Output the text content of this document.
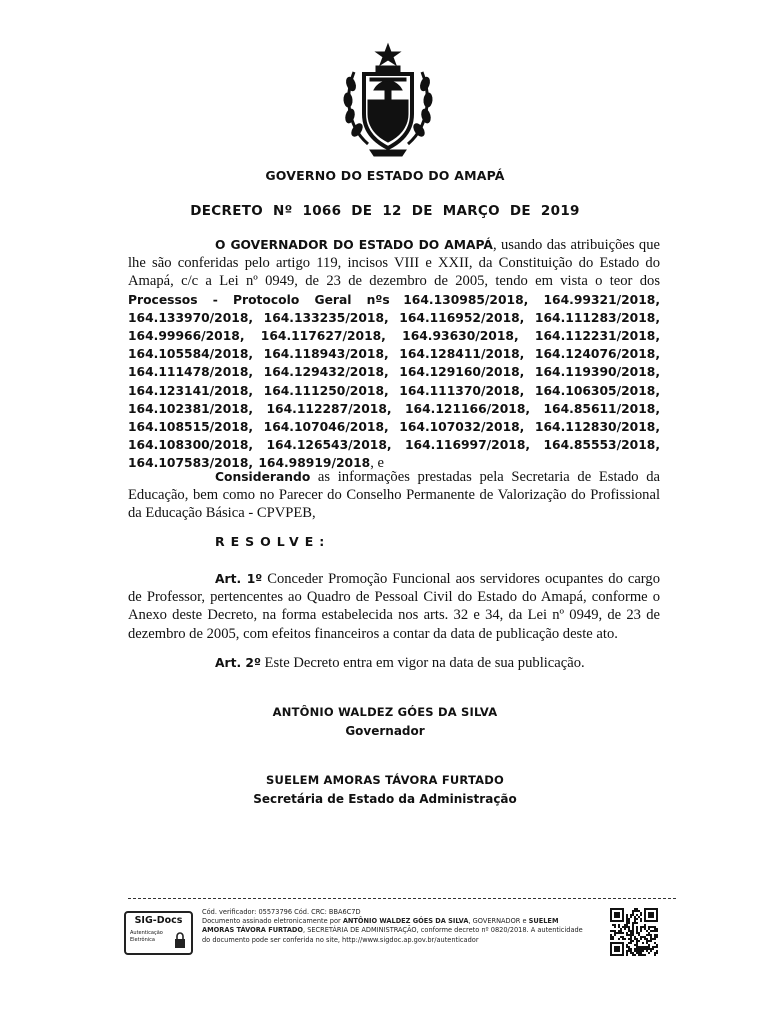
GOVERNO DO ESTADO DO AMAPÁ
DECRETO Nº 1066 DE 12 DE MARÇO DE 2019
O GOVERNADOR DO ESTADO DO AMAPÁ, usando das atribuições que lhe são conferidas pelo artigo 119, incisos VIII e XXII, da Constituição do Estado do Amapá, c/c a Lei nº 0949, de 23 de dezembro de 2005, tendo em vista o teor dos Processos - Protocolo Geral nºs 164.130985/2018, 164.99321/2018, 164.133970/2018, 164.133235/2018, 164.116952/2018, 164.111283/2018, 164.99966/2018, 164.117627/2018, 164.93630/2018, 164.112231/2018, 164.105584/2018, 164.118943/2018, 164.128411/2018, 164.124076/2018, 164.111478/2018, 164.129432/2018, 164.129160/2018, 164.119390/2018, 164.123141/2018, 164.111250/2018, 164.111370/2018, 164.106305/2018, 164.102381/2018, 164.112287/2018, 164.121166/2018, 164.85611/2018, 164.108515/2018, 164.107046/2018, 164.107032/2018, 164.112830/2018, 164.108300/2018, 164.126543/2018, 164.116997/2018, 164.85553/2018, 164.107583/2018, 164.98919/2018, e
Considerando as informações prestadas pela Secretaria de Estado da Educação, bem como no Parecer do Conselho Permanente de Valorização do Profissional da Educação Básica - CPVPEB,
RESOLVE:
Art. 1º Conceder Promoção Funcional aos servidores ocupantes do cargo de Professor, pertencentes ao Quadro de Pessoal Civil do Estado do Amapá, conforme o Anexo deste Decreto, na forma estabelecida nos arts. 32 e 34, da Lei nº 0949, de 23 de dezembro de 2005, com efeitos financeiros a contar da data de publicação deste ato.
Art. 2º Este Decreto entra em vigor na data de sua publicação.
ANTÔNIO WALDEZ GÓES DA SILVA
Governador
SUELEM AMORAS TÁVORA FURTADO
Secretária de Estado da Administração
SIG-Docs
Autenticação
Eletrônica
Cód. verificador: 05573796 Cód. CRC: BBA6C7D
Documento assinado eletronicamente por ANTÔNIO WALDEZ GÓES DA SILVA, GOVERNADOR e SUELEM AMORAS TÁVORA FURTADO, SECRETÁRIA DE ADMINISTRAÇÃO, conforme decreto nº 0820/2018. A autenticidade do documento pode ser conferida no site, http://www.sigdoc.ap.gov.br/autenticador
